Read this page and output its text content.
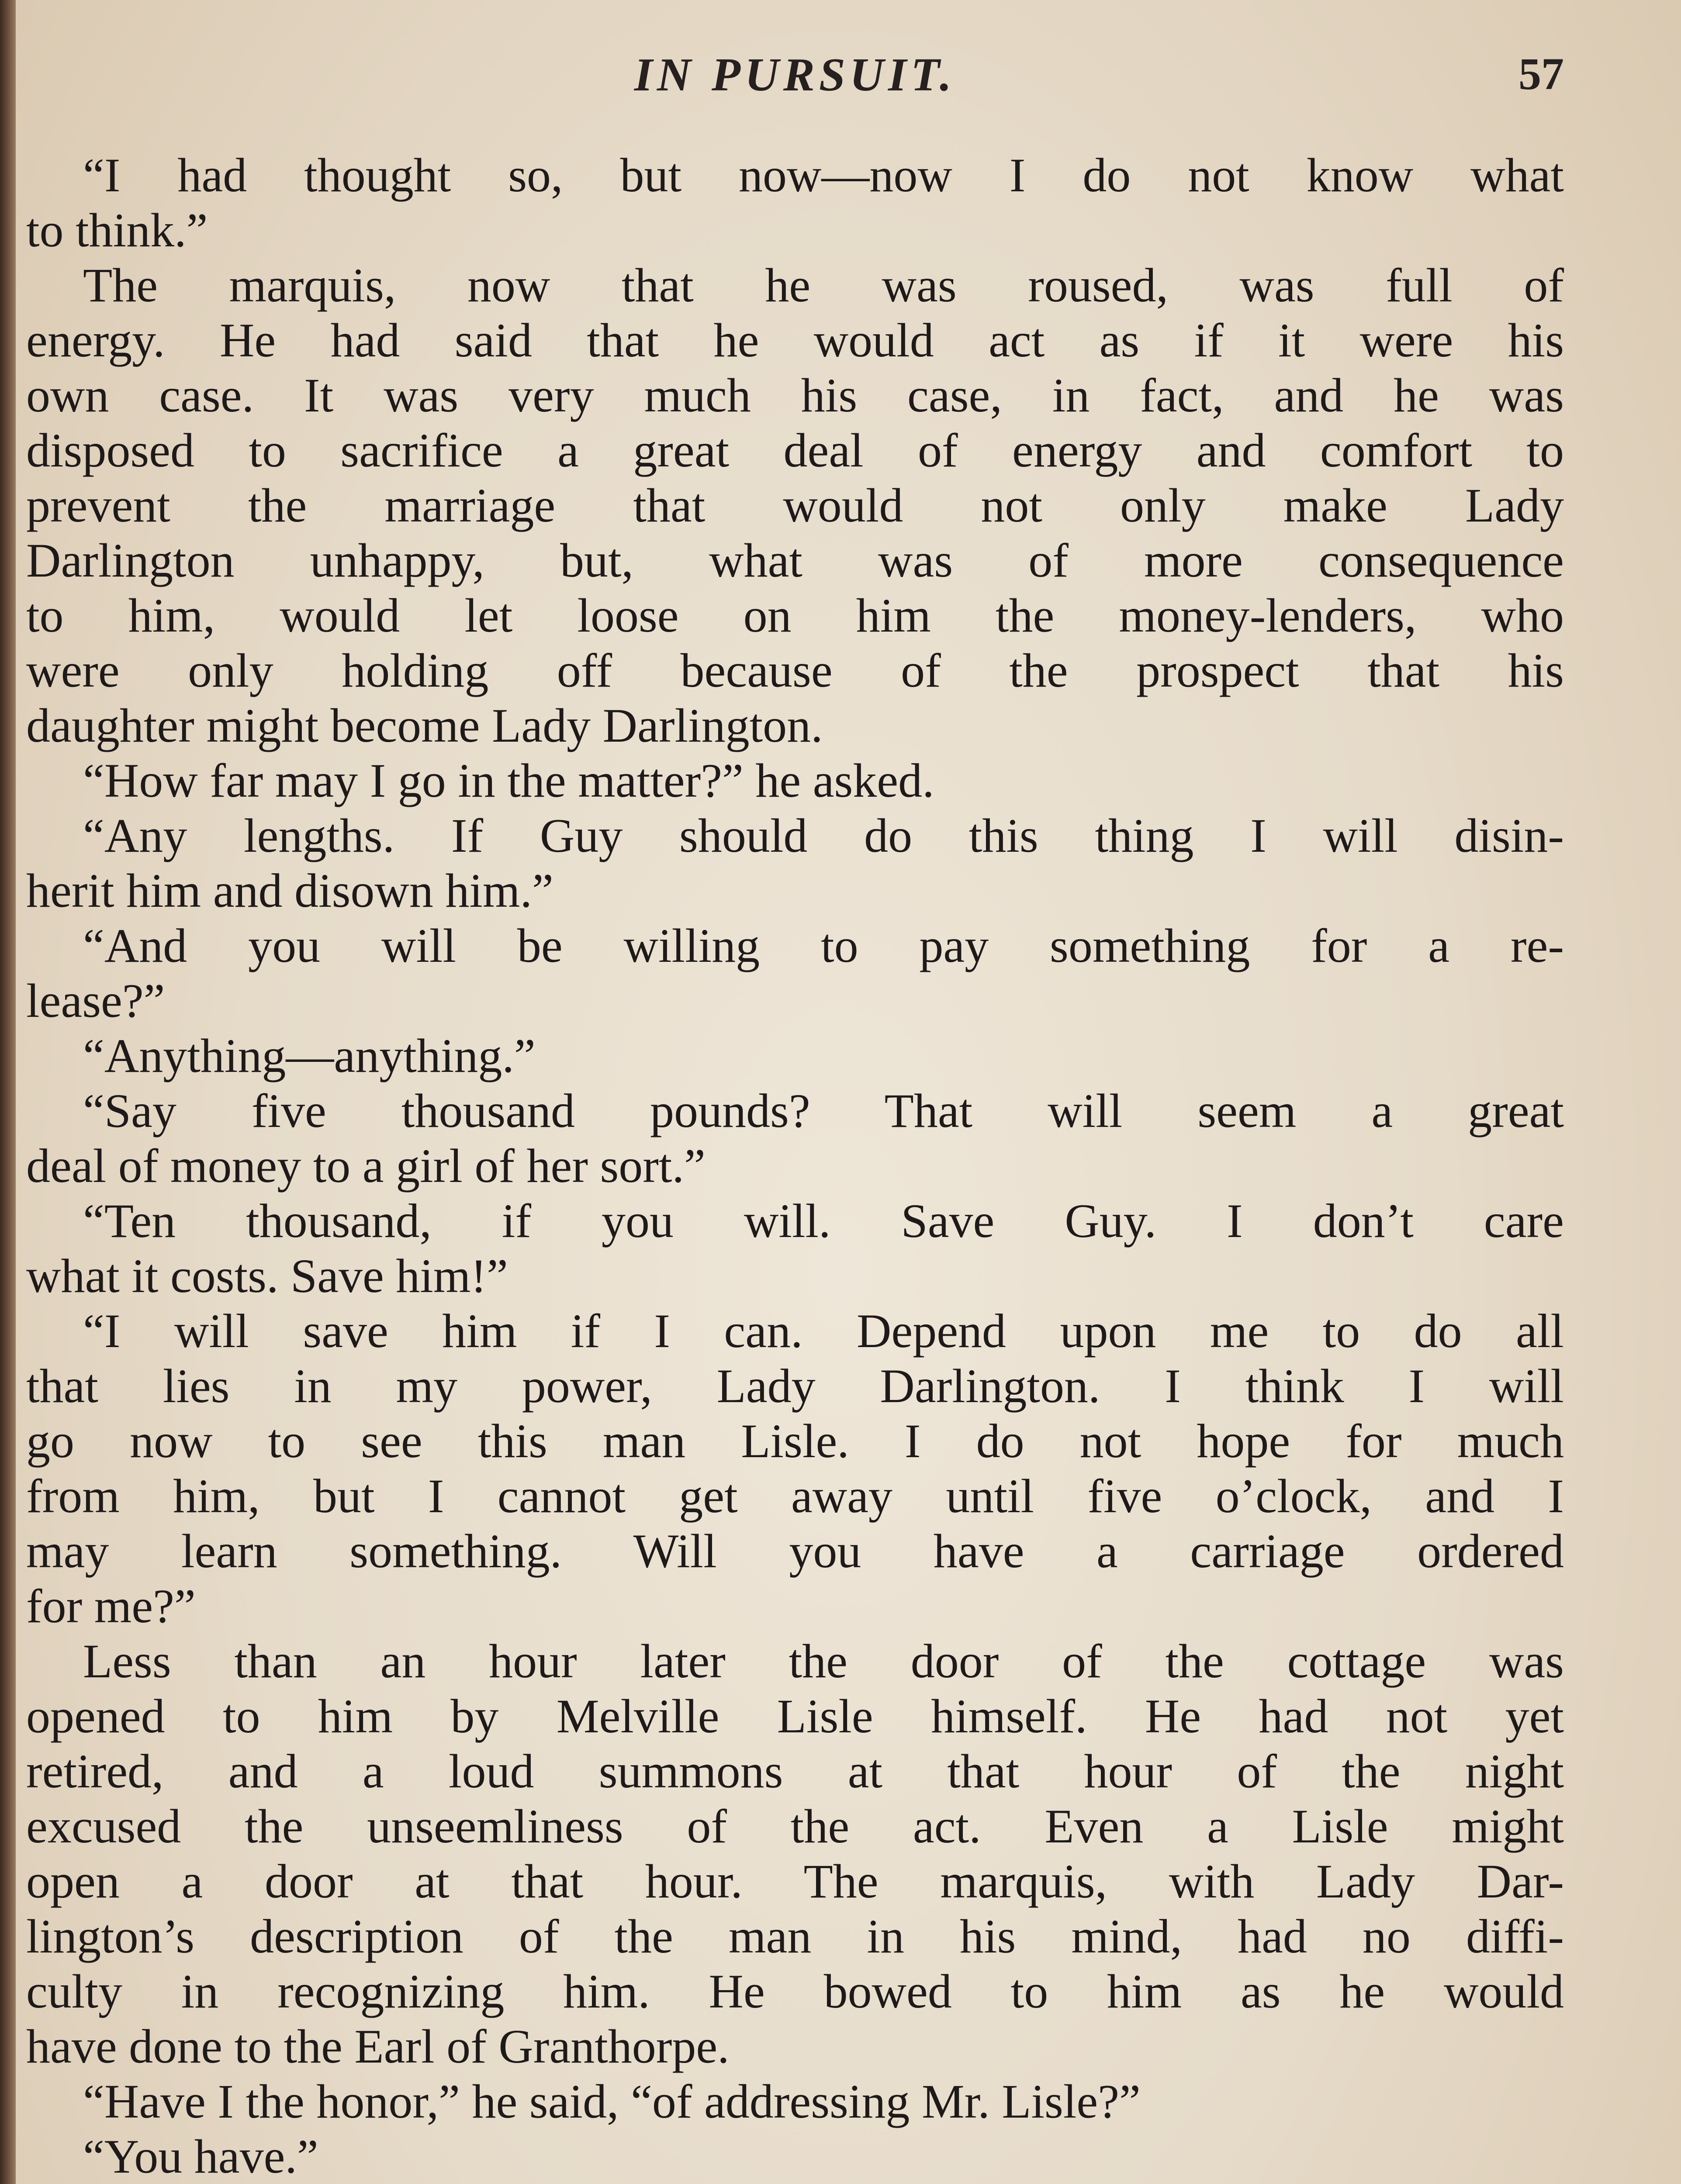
IN PURSUIT.	57
“I had thought so, but now—now I do not know what
to think.”
The marquis, now that he was roused, was full of
energy. He had said that he would act as if it were his
own case. It was very much his case, in fact, and he was
disposed to sacrifice a great deal of energy and comfort to
prevent the marriage that would not only make Lady
Darlington unhappy, but, what was of more consequence
to him, would let loose on him the money-lenders, who
were only holding off because of the prospect that his
daughter might become Lady Darlington.
“How far may I go in the matter?” he asked.
“Any lengths. If Guy should do this thing I will disin-
herit him and disown him.”
“And you will be willing to pay something for a re-
lease?”
“Anything—anything.”
“Say five thousand pounds? That will seem a great
deal of money to a girl of her sort.”
“Ten thousand, if you will. Save Guy. I don’t care
what it costs. Save him!”
“I will save him if I can. Depend upon me to do all
that lies in my power, Lady Darlington. I think I will
go now to see this man Lisle. I do not hope for much
from him, but I cannot get away until five o’clock, and I
may learn something. Will you have a carriage ordered
for me?”
Less than an hour later the door of the cottage was
opened to him by Melville Lisle himself. He had not yet
retired, and a loud summons at that hour of the night
excused the unseemliness of the act. Even a Lisle might
open a door at that hour. The marquis, with Lady Dar-
lington’s description of the man in his mind, had no diffi-
culty in recognizing him. He bowed to him as he would
have done to the Earl of Granthorpe.
“Have I the honor,” he said, “of addressing Mr. Lisle?”
“You have.”
